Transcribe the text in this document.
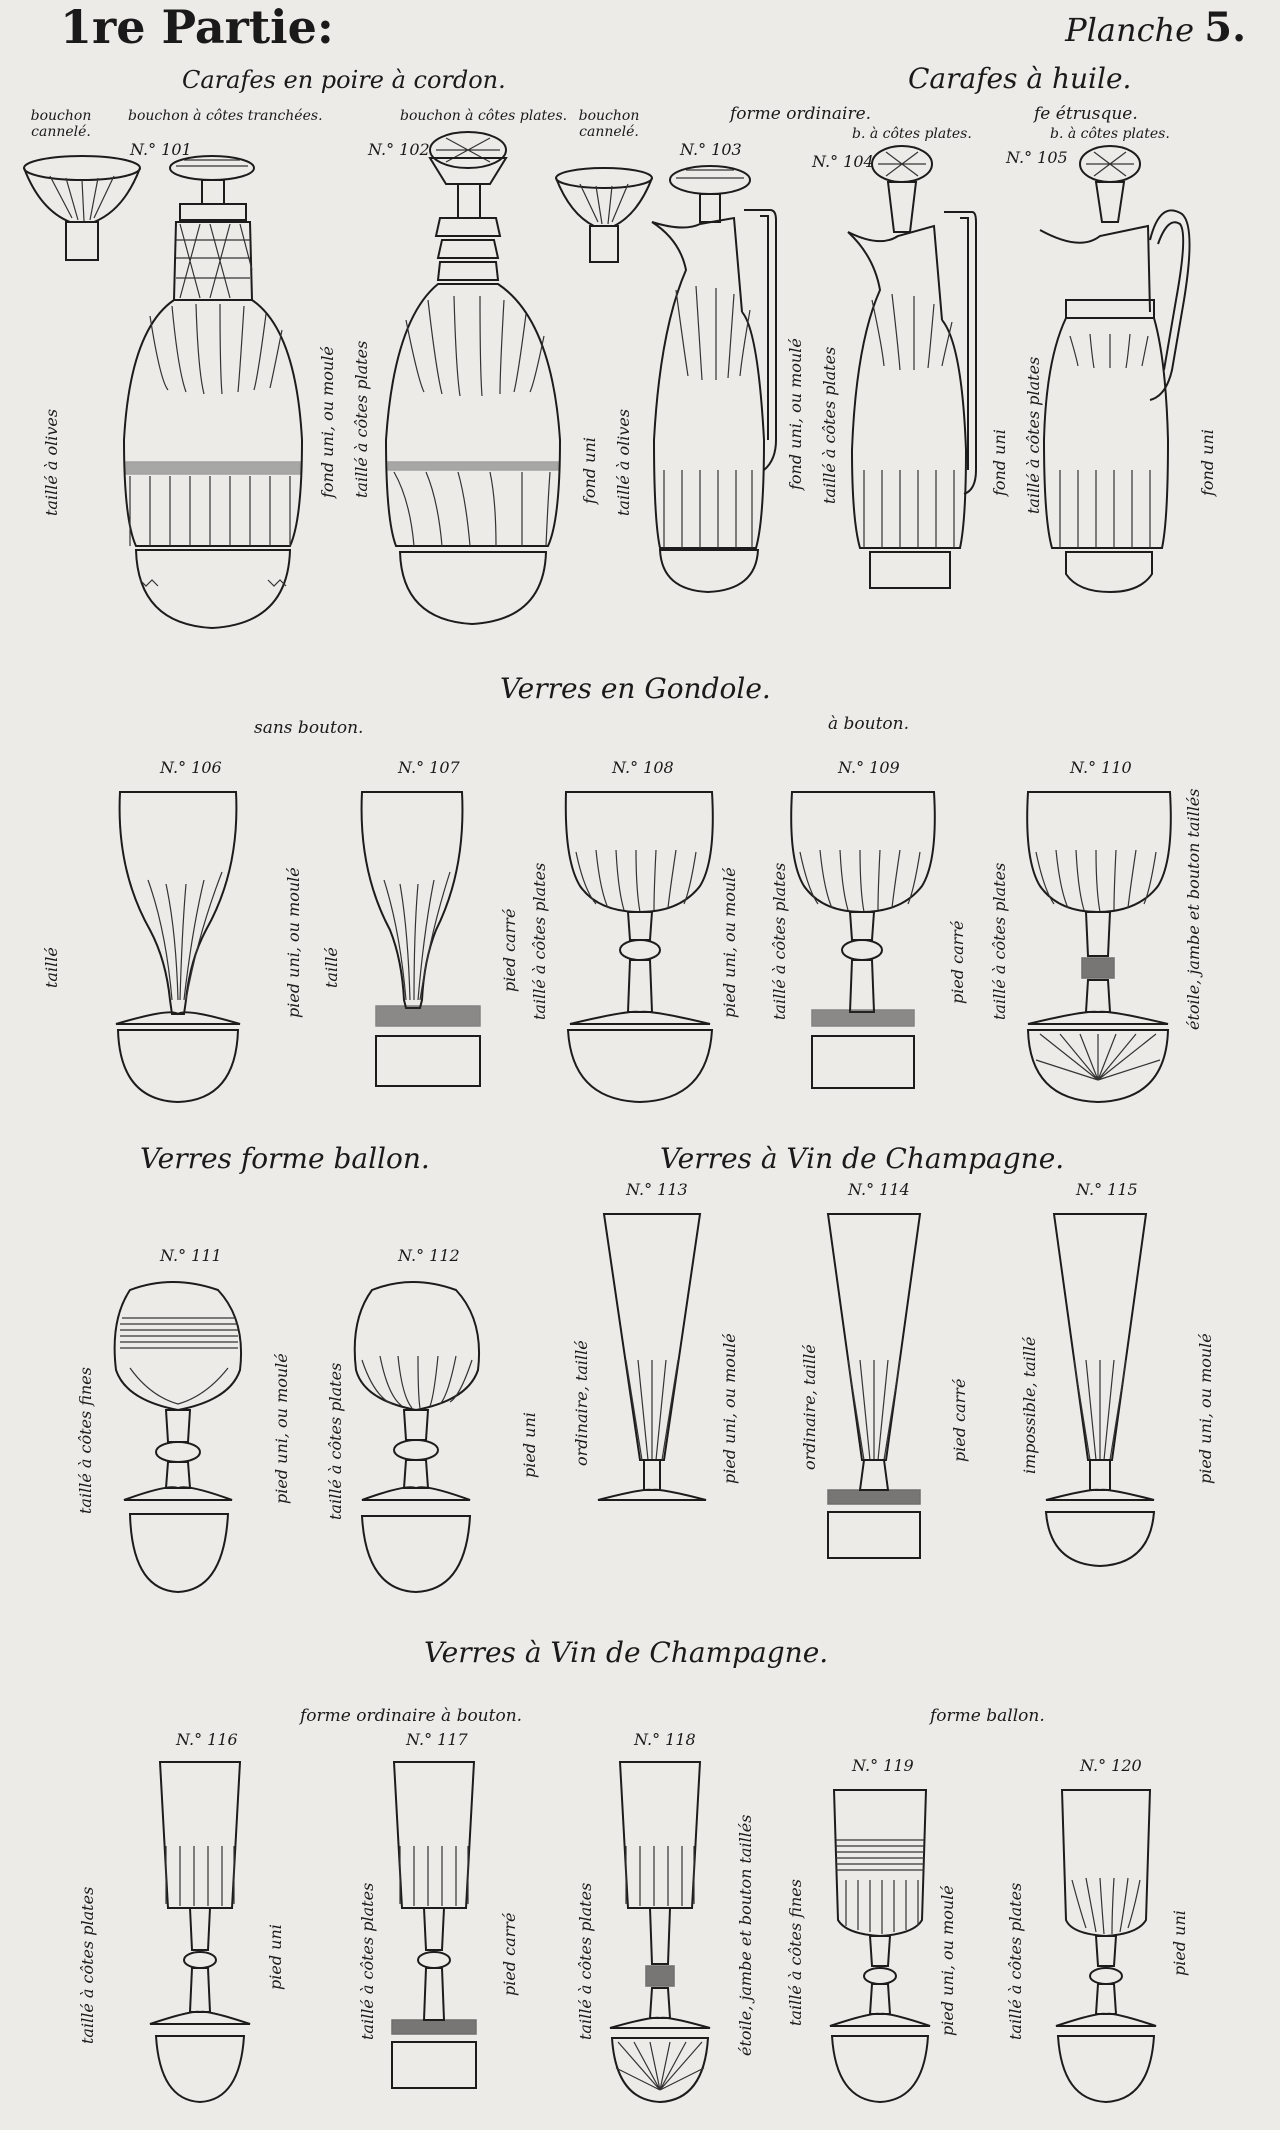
1re Partie:	Planche 5.
Carafes en poire à cordon.	Carafes à huile.
Verres en Gondole.
Verres forme ballon.	Verres à Vin de Champagne.
Verres à Vin de Champagne.
bouchon cannelé.
bouchon à côtes tranchées.	bouchon à côtes plates. bouchon cannelé.
forme ordinaire.
b. à côtes plates.
fe étrusque.
b. à côtes plates.
sans bouton.	à bouton.
forme ordinaire à bouton.	forme ballon.
N.° 101	N.° 102	N.° 103
N.° 104	N.° 105
N.° 106	N.° 107	N.° 108	N.° 109	N.° 110
N.° 111	N.° 112
N.° 113	N.° 114	N.° 115
N.° 116	N.° 117	N.° 118
N.° 119	N.° 120
taillé à olives	fond uni, ou moulé taillé à côtes plates	fond uni taillé à olives	fond uni, ou moulé taillé à côtes plates	fond uni taillé à côtes plates	fond uni
taillé	pied uni, ou moulé taillé	pied carré taillé à côtes plates	pied uni, ou moulé taillé à côtes plates	pied carré taillé à côtes plates	étoile, jambe et bouton taillés
taillé à côtes fines	pied uni, ou moulé taillé à côtes plates	pied uni ordinaire, taillé	pied uni, ou moulé	ordinaire, taillé	pied carré	impossible, taillé	pied uni, ou moulé
taillé à côtes plates	pied uni	taillé à côtes plates	pied carré	taillé à côtes plates	étoile, jambe et bouton taillés taillé à côtes fines	pied uni, ou moulé	taillé à côtes plates	pied uni
